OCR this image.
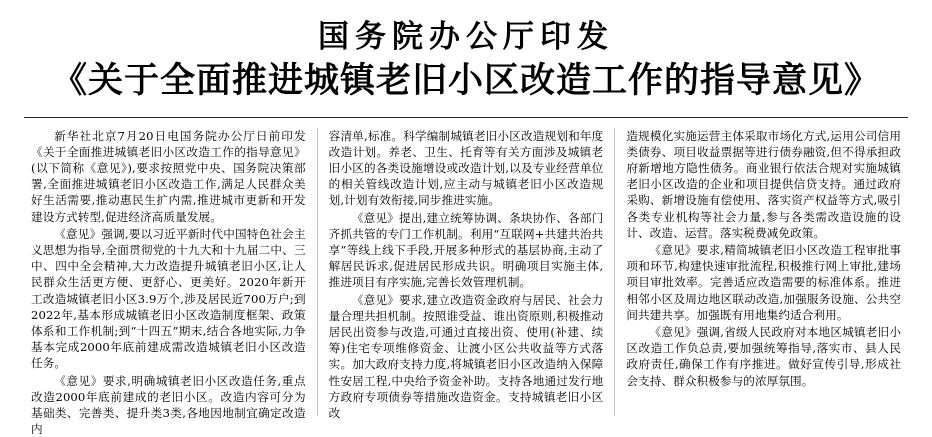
国务院办公厅印发
《关于全面推进城镇老旧小区改造工作的指导意见》

新华社北京7月20日电国务院办公厅日前印发《关于全面推进城镇老旧小区改造工作的指导意见》(以下简称《意见》),要求按照党中央、国务院决策部署,全面推进城镇老旧小区改造工作,满足人民群众美好生活需要,推动惠民生扩内需,推进城市更新和开发建设方式转型,促进经济高质量发展。

《意见》强调,要以习近平新时代中国特色社会主义思想为指导,全面贯彻党的十九大和十九届二中、三中、四中全会精神,大力改造提升城镇老旧小区,让人民群众生活更方便、更舒心、更美好。2020年新开工改造城镇老旧小区3.9万个,涉及居民近700万户;到2022年,基本形成城镇老旧小区改造制度框架、政策体系和工作机制;到“十四五”期末,结合各地实际,力争基本完成2000年底前建成需改造城镇老旧小区改造任务。

《意见》要求,明确城镇老旧小区改造任务,重点改造2000年底前建成的老旧小区。改造内容可分为基础类、完善类、提升类3类,各地因地制宜确定改造内

容清单,标准。科学编制城镇老旧小区改造规划和年度改造计划。养老、卫生、托育等有关方面涉及城镇老旧小区的各类设施增设或改造计划,以及专业经营单位的相关管线改造计划,应主动与城镇老旧小区改造规划,计划有效衔接,同步推进实施。

《意见》提出,建立统筹协调、条块协作、各部门齐抓共管的专门工作机制。利用“互联网+共建共治共享”等线上线下手段,开展多种形式的基层协商,主动了解居民诉求,促进居民形成共识。明确项目实施主体,推进项目有序实施,完善长效管理机制。

《意见》要求,建立改造资金政府与居民、社会力量合理共担机制。按照谁受益、谁出资原则,积极推动居民出资参与改造,可通过直接出资、使用(补建、续筹)住宅专项维修资金、让渡小区公共收益等方式落实。加大政府支持力度,将城镇老旧小区改造纳入保障性安居工程,中央给予资金补助。支持各地通过发行地方政府专项债券等措施改造资金。支持城镇老旧小区改

造规模化实施运营主体采取市场化方式,运用公司信用类债券、项目收益票据等进行债券融资,但不得承担政府新增地方隐性债务。商业银行依法合规对实施城镇老旧小区改造的企业和项目提供信贷支持。通过政府采购、新增设施有偿使用、落实资产权益等方式,吸引各类专业机构等社会力量,参与各类需改造设施的设计、改造、运营。落实税费减免政策。

《意见》要求,精简城镇老旧小区改造工程审批事项和环节,构建快速审批流程,积极推行网上审批,建场项目审批效率。完善适应改造需要的标准体系。推进相邻小区及周边地区联动改造,加强服务设施、公共空间共建共享。加强既有用地集约适合利用。

《意见》强调,省级人民政府对本地区城镇老旧小区改造工作负总责,要加强统筹指导,落实市、县人民政府责任,确保工作有序推进。做好宣传引导,形成社会支持、群众积极参与的浓厚氛围。
